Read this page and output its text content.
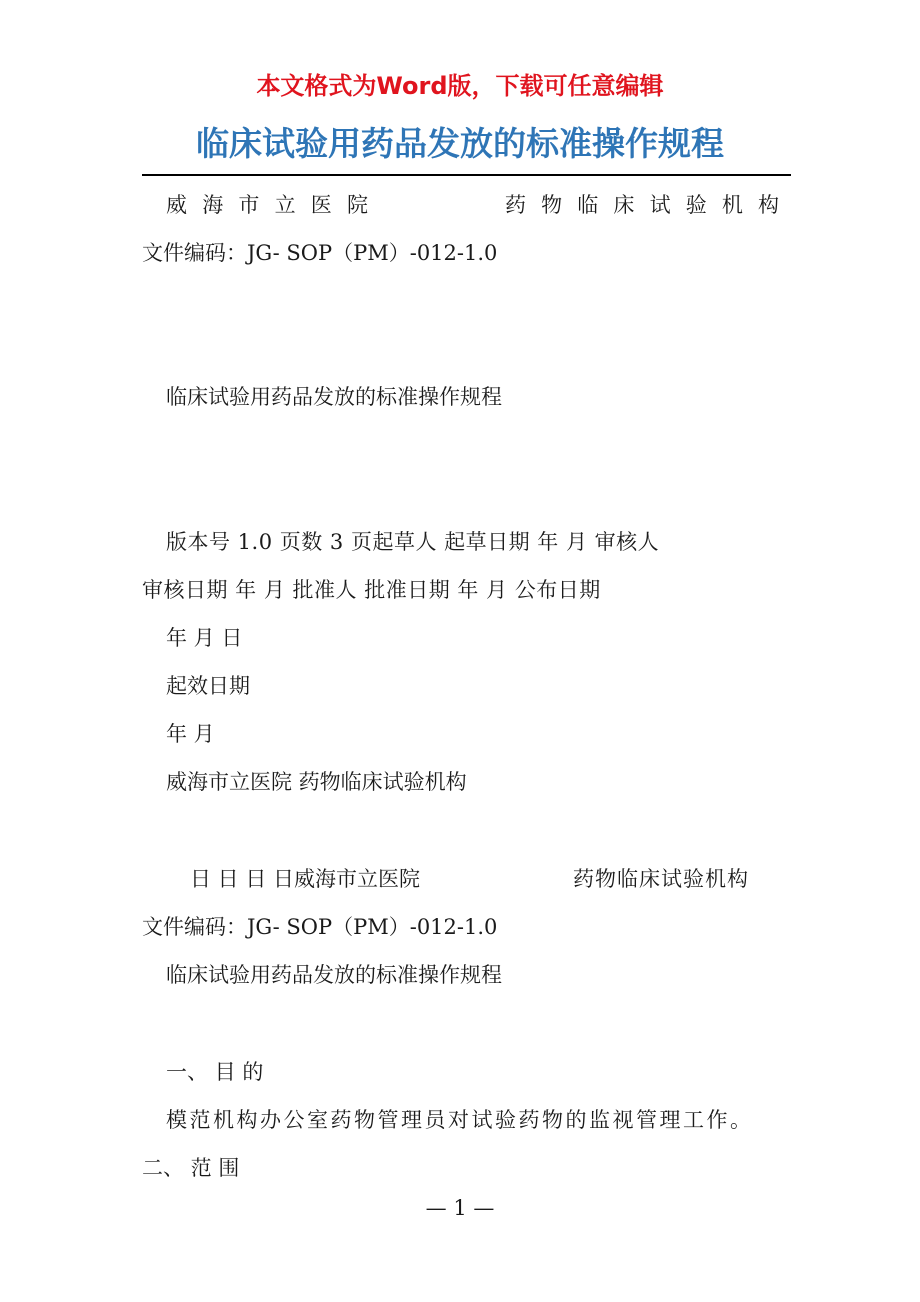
本文格式为Word版，下载可任意编辑
临床试验用药品发放的标准操作规程
威 海 市 立 医 院	药 物 临 床 试 验 机 构
文件编码：JG- SOP（PM）-012-1.0
临床试验用药品发放的标准操作规程
版本号 1.0 页数 3 页起草人 起草日期 年 月 审核人
审核日期 年 月 批准人 批准日期 年 月 公布日期
年 月 日
起效日期
年 月
威海市立医院 药物临床试验机构
日 日 日 日威海市立医院	药物临床试验机构
文件编码：JG- SOP（PM）-012-1.0
临床试验用药品发放的标准操作规程
一、 目 的
模范机构办公室药物管理员对试验药物的监视管理工作。
二、 范 围
— 1 —
